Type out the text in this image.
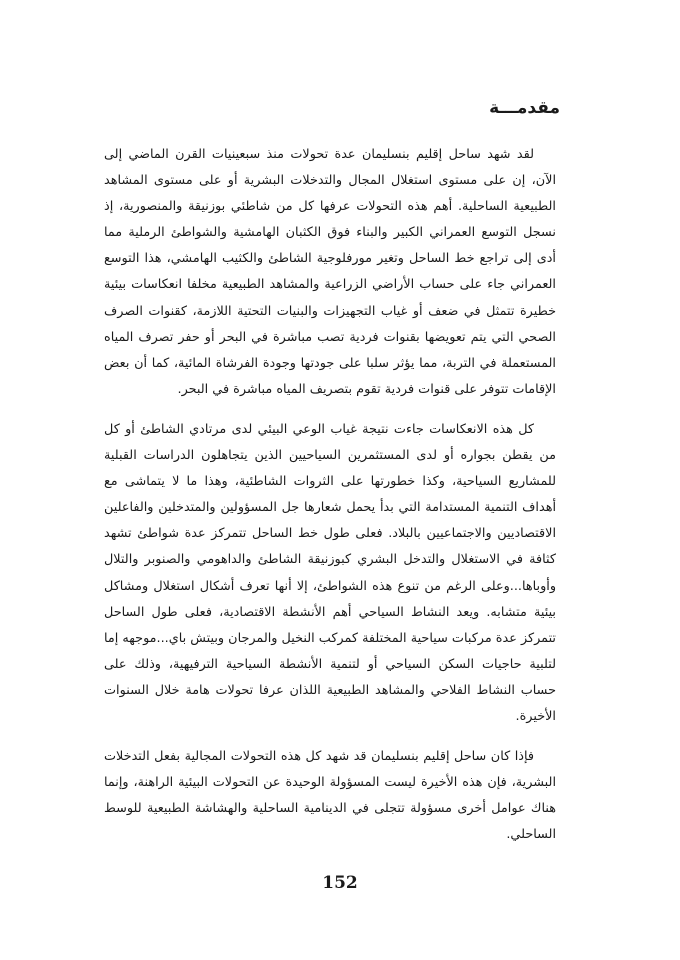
مقدمـــة

لقد شهد ساحل إقليم بنسليمان عدة تحولات منذ سبعينيات القرن الماضي إلى الآن، إن على مستوى استغلال المجال والتدخلات البشرية أو على مستوى المشاهد الطبيعية الساحلية. أهم هذه التحولات عرفها كل من شاطئي بوزنيقة والمنصورية، إذ نسجل التوسع العمراني الكبير والبناء فوق الكثبان الهامشية والشواطئ الرملية مما أدى إلى تراجع خط الساحل وتغير مورفلوجية الشاطئ والكثيب الهامشي، هذا التوسع العمراني جاء على حساب الأراضي الزراعية والمشاهد الطبيعية مخلفا انعكاسات بيئية خطيرة تتمثل في ضعف أو غياب التجهيزات والبنيات التحتية اللازمة، كقنوات الصرف الصحي التي يتم تعويضها بقنوات فردية تصب مباشرة في البحر أو حفر تصرف المياه المستعملة في التربة، مما يؤثر سلبا على جودتها وجودة الفرشاة المائية، كما أن بعض الإقامات تتوفر على قنوات فردية تقوم بتصريف المياه مباشرة في البحر.

كل هذه الانعكاسات جاءت نتيجة غياب الوعي البيئي لدى مرتادي الشاطئ أو كل من يقطن بجواره أو لدى المستثمرين السياحيين الذين يتجاهلون الدراسات القبلية للمشاريع السياحية، وكذا خطورتها على الثروات الشاطئية، وهذا ما لا يتماشى مع أهداف التنمية المستدامة التي بدأ يحمل شعارها جل المسؤولين والمتدخلين والفاعلين الاقتصاديين والاجتماعيين بالبلاد. فعلى طول خط الساحل تتمركز عدة شواطئ تشهد كثافة في الاستغلال والتدخل البشري كبوزنيقة الشاطئ والداهومي والصنوبر والتلال وأوباها...وعلى الرغم من تنوع هذه الشواطئ، إلا أنها تعرف أشكال استغلال ومشاكل بيئية متشابه. ويعد النشاط السياحي أهم الأنشطة الاقتصادية، فعلى طول الساحل تتمركز عدة مركبات سياحية المختلفة كمركب النخيل والمرجان وبيتش باي...موجهه إما لتلبية حاجيات السكن السياحي أو لتنمية الأنشطة السياحية الترفيهية، وذلك على حساب النشاط الفلاحي والمشاهد الطبيعية اللذان عرفا تحولات هامة خلال السنوات الأخيرة.

فإذا كان ساحل إقليم بنسليمان قد شهد كل هذه التحولات المجالية بفعل التدخلات البشرية، فإن هذه الأخيرة ليست المسؤولة الوحيدة عن التحولات البيئية الراهنة، وإنما هناك عوامل أخرى مسؤولة تتجلى في الدينامية الساحلية والهشاشة الطبيعية للوسط الساحلي.

152
